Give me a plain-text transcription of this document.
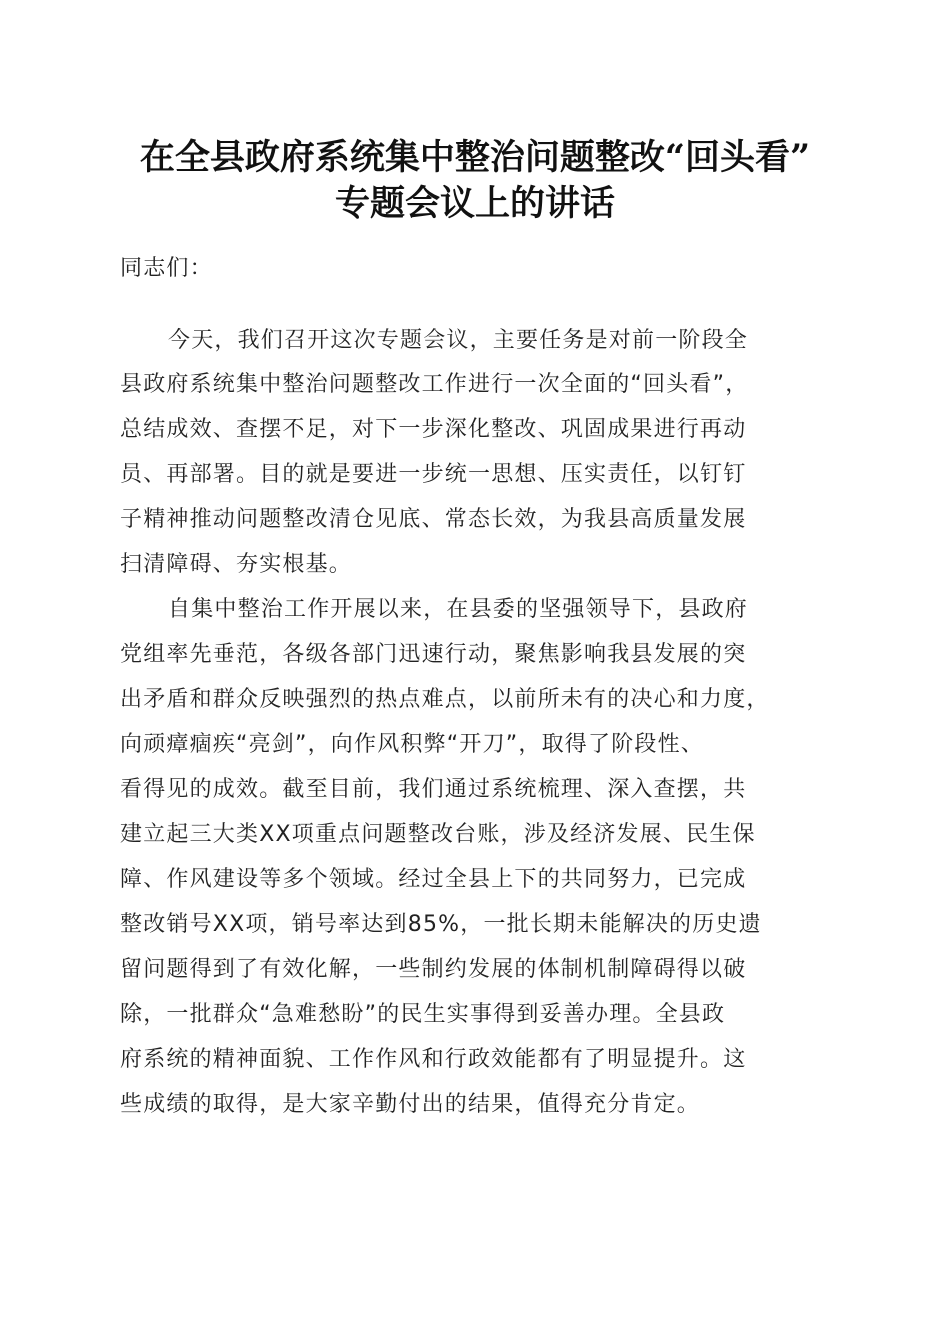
在全县政府系统集中整治问题整改“回头看”
专题会议上的讲话
同志们：
今天，我们召开这次专题会议，主要任务是对前一阶段全
县政府系统集中整治问题整改工作进行一次全面的“回头看”，
总结成效、查摆不足，对下一步深化整改、巩固成果进行再动
员、再部署。目的就是要进一步统一思想、压实责任，以钉钉
子精神推动问题整改清仓见底、常态长效，为我县高质量发展
扫清障碍、夯实根基。
自集中整治工作开展以来，在县委的坚强领导下，县政府
党组率先垂范，各级各部门迅速行动，聚焦影响我县发展的突
出矛盾和群众反映强烈的热点难点，以前所未有的决心和力度，
向顽瘴痼疾“亮剑”，向作风积弊“开刀”，取得了阶段性、
看得见的成效。截至目前，我们通过系统梳理、深入查摆，共
建立起三大类XX项重点问题整改台账，涉及经济发展、民生保
障、作风建设等多个领域。经过全县上下的共同努力，已完成
整改销号XX项，销号率达到85%，一批长期未能解决的历史遗
留问题得到了有效化解，一些制约发展的体制机制障碍得以破
除，一批群众“急难愁盼”的民生实事得到妥善办理。全县政
府系统的精神面貌、工作作风和行政效能都有了明显提升。这
些成绩的取得，是大家辛勤付出的结果，值得充分肯定。
